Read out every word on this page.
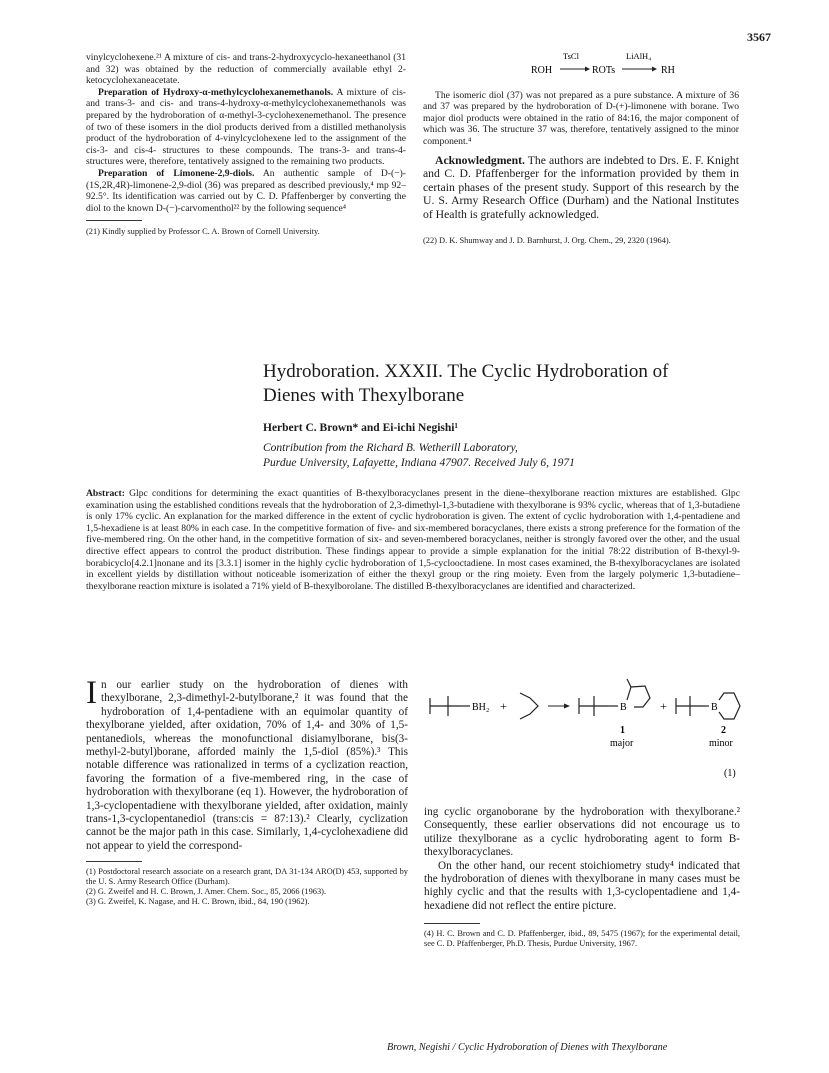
3567

vinylcyclohexene.²¹ A mixture of cis- and trans-2-hydroxycyclo-hexaneethanol (31 and 32) was obtained by the reduction of commercially available ethyl 2-ketocyclohexaneacetate.

Preparation of Hydroxy-α-methylcyclohexanemethanols. A mixture of cis- and trans-3- and cis- and trans-4-hydroxy-α-methylcyclohexanemethanols was prepared by the hydroboration of α-methyl-3-cyclohexenemethanol. The presence of two of these isomers in the diol products derived from a distilled methanolysis product of the hydroboration of 4-vinylcyclohexene led to the assignment of the cis-3- and cis-4- structures to these compounds. The trans-3- and trans-4- structures were, therefore, tentatively assigned to the remaining two products.

Preparation of Limonene-2,9-diols. An authentic sample of D-(−)-(1S,2R,4R)-limonene-2,9-diol (36) was prepared as described previously,⁴ mp 92–92.5°. Its identification was carried out by C. D. Pfaffenberger by converting the diol to the known D-(−)-carvomenthol²² by the following sequence⁴

(21) Kindly supplied by Professor C. A. Brown of Cornell University.

TsCl	LiAlH₄
ROH	ROTs	RH

The isomeric diol (37) was not prepared as a pure substance. A mixture of 36 and 37 was prepared by the hydroboration of D-(+)-limonene with borane. Two major diol products were obtained in the ratio of 84:16, the major component of which was 36. The structure 37 was, therefore, tentatively assigned to the minor component.⁴

Acknowledgment. The authors are indebted to Drs. E. F. Knight and C. D. Pfaffenberger for the information provided by them in certain phases of the present study. Support of this research by the U. S. Army Research Office (Durham) and the National Institutes of Health is gratefully acknowledged.

(22) D. K. Shumway and J. D. Barnhurst, J. Org. Chem., 29, 2320 (1964).

Hydroboration. XXXII. The Cyclic Hydroboration of
Dienes with Thexylborane
Herbert C. Brown* and Ei-ichi Negishi¹
Contribution from the Richard B. Wetherill Laboratory,
Purdue University, Lafayette, Indiana 47907. Received July 6, 1971
Abstract: Glpc conditions for determining the exact quantities of B-thexylboracyclanes present in the diene–thexylborane reaction mixtures are established. Glpc examination using the established conditions reveals that the hydroboration of 2,3-dimethyl-1,3-butadiene with thexylborane is 93% cyclic, whereas that of 1,3-butadiene is only 17% cyclic. An explanation for the marked difference in the extent of cyclic hydroboration is given. The extent of cyclic hydroboration with 1,4-pentadiene and 1,5-hexadiene is at least 80% in each case. In the competitive formation of five- and six-membered boracyclanes, there exists a strong preference for the formation of the five-membered ring. On the other hand, in the competitive formation of six- and seven-membered boracyclanes, neither is strongly favored over the other, and the usual directive effect appears to control the product distribution. These findings appear to provide a simple explanation for the initial 78:22 distribution of B-thexyl-9-borabicyclo[4.2.1]nonane and its [3.3.1] isomer in the highly cyclic hydroboration of 1,5-cyclooctadiene. In most cases examined, the B-thexylboracyclanes are isolated in excellent yields by distillation without noticeable isomerization of either the thexyl group or the ring moiety. Even from the largely polymeric 1,3-butadiene–thexylborane reaction mixture is isolated a 71% yield of B-thexylborolane. The distilled B-thexylboracyclanes are identified and characterized.

In our earlier study on the hydroboration of dienes with thexylborane, 2,3-dimethyl-2-butylborane,² it was found that the hydroboration of 1,4-pentadiene with an equimolar quantity of thexylborane yielded, after oxidation, 70% of 1,4- and 30% of 1,5-pentanediols, whereas the monofunctional disiamylborane, bis(3-methyl-2-butyl)borane, afforded mainly the 1,5-diol (85%).³ This notable difference was rationalized in terms of a cyclization reaction, favoring the formation of a five-membered ring, in the case of hydroboration with thexylborane (eq 1). However, the hydroboration of 1,3-cyclopentadiene with thexylborane yielded, after oxidation, mainly trans-1,3-cyclopentanediol (trans:cis = 87:13).² Clearly, cyclization cannot be the major path in this case. Similarly, 1,4-cyclohexadiene did not appear to yield the correspond-

(1) Postdoctoral research associate on a research grant, DA 31-134 ARO(D) 453, supported by the U. S. Army Research Office (Durham).

(2) G. Zweifel and H. C. Brown, J. Amer. Chem. Soc., 85, 2066 (1963).

(3) G. Zweifel, K. Nagase, and H. C. Brown, ibid., 84, 190 (1962).

BH₂ +	B
1
major
+	B
2
minor
(1)

ing cyclic organoborane by the hydroboration with thexylborane.² Consequently, these earlier observations did not encourage us to utilize thexylborane as a cyclic hydroborating agent to form B-thexylboracyclanes.

On the other hand, our recent stoichiometry study⁴ indicated that the hydroboration of dienes with thexylborane in many cases must be highly cyclic and that the results with 1,3-cyclopentadiene and 1,4-hexadiene did not reflect the entire picture.

(4) H. C. Brown and C. D. Pfaffenberger, ibid., 89, 5475 (1967); for the experimental detail, see C. D. Pfaffenberger, Ph.D. Thesis, Purdue University, 1967.

Brown, Negishi / Cyclic Hydroboration of Dienes with Thexylborane
